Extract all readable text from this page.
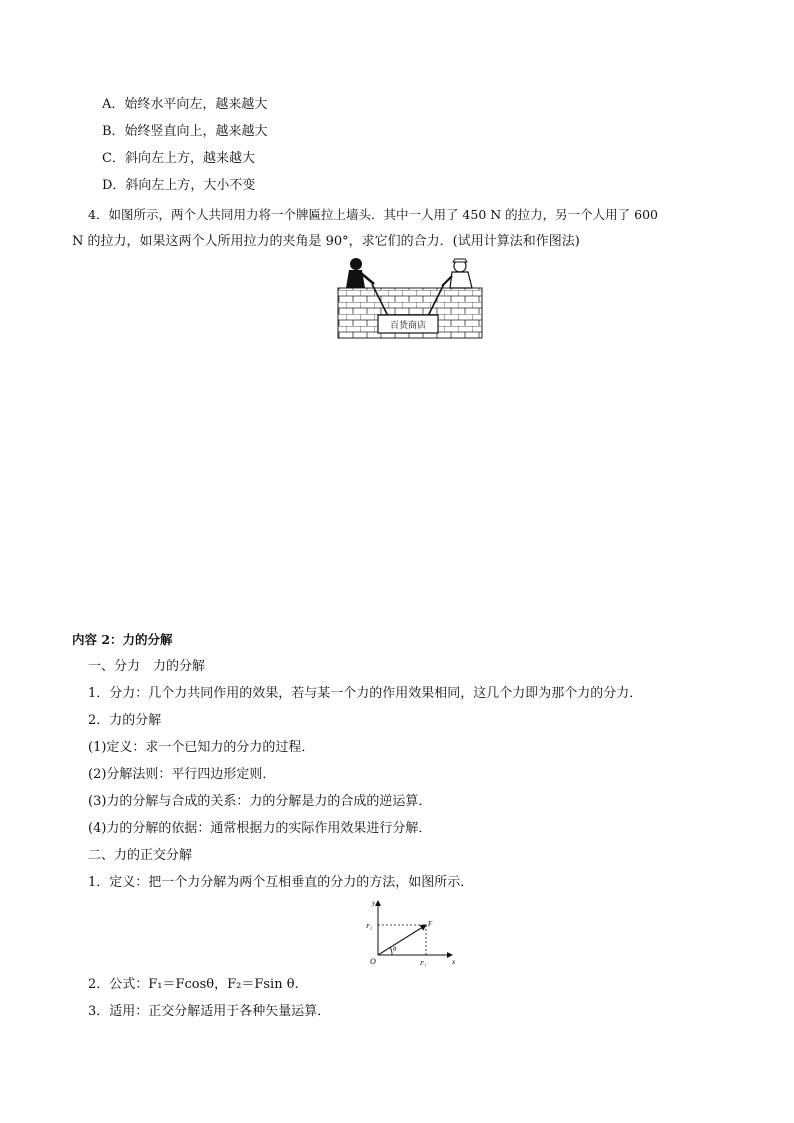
A．始终水平向左，越来越大
B．始终竖直向上，越来越大
C．斜向左上方，越来越大
D．斜向左上方，大小不变
4．如图所示，两个人共同用力将一个牌匾拉上墙头．其中一人用了 450 N 的拉力，另一个人用了 600
N 的拉力，如果这两个人所用拉力的夹角是 90°，求它们的合力．(试用计算法和作图法)
百货商店
内容 2：力的分解
一、分力　力的分解
1．分力：几个力共同作用的效果，若与某一个力的作用效果相同，这几个力即为那个力的分力．
2．力的分解
(1)定义：求一个已知力的分力的过程．
(2)分解法则：平行四边形定则．
(3)力的分解与合成的关系：力的分解是力的合成的逆运算．
(4)力的分解的依据：通常根据力的实际作用效果进行分解．
二、力的正交分解
1．定义：把一个力分解为两个互相垂直的分力的方法，如图所示．
y
x
O
F
F₁
F₂
θ
2．公式：F₁＝Fcosθ，F₂＝Fsin θ.
3．适用：正交分解适用于各种矢量运算．
